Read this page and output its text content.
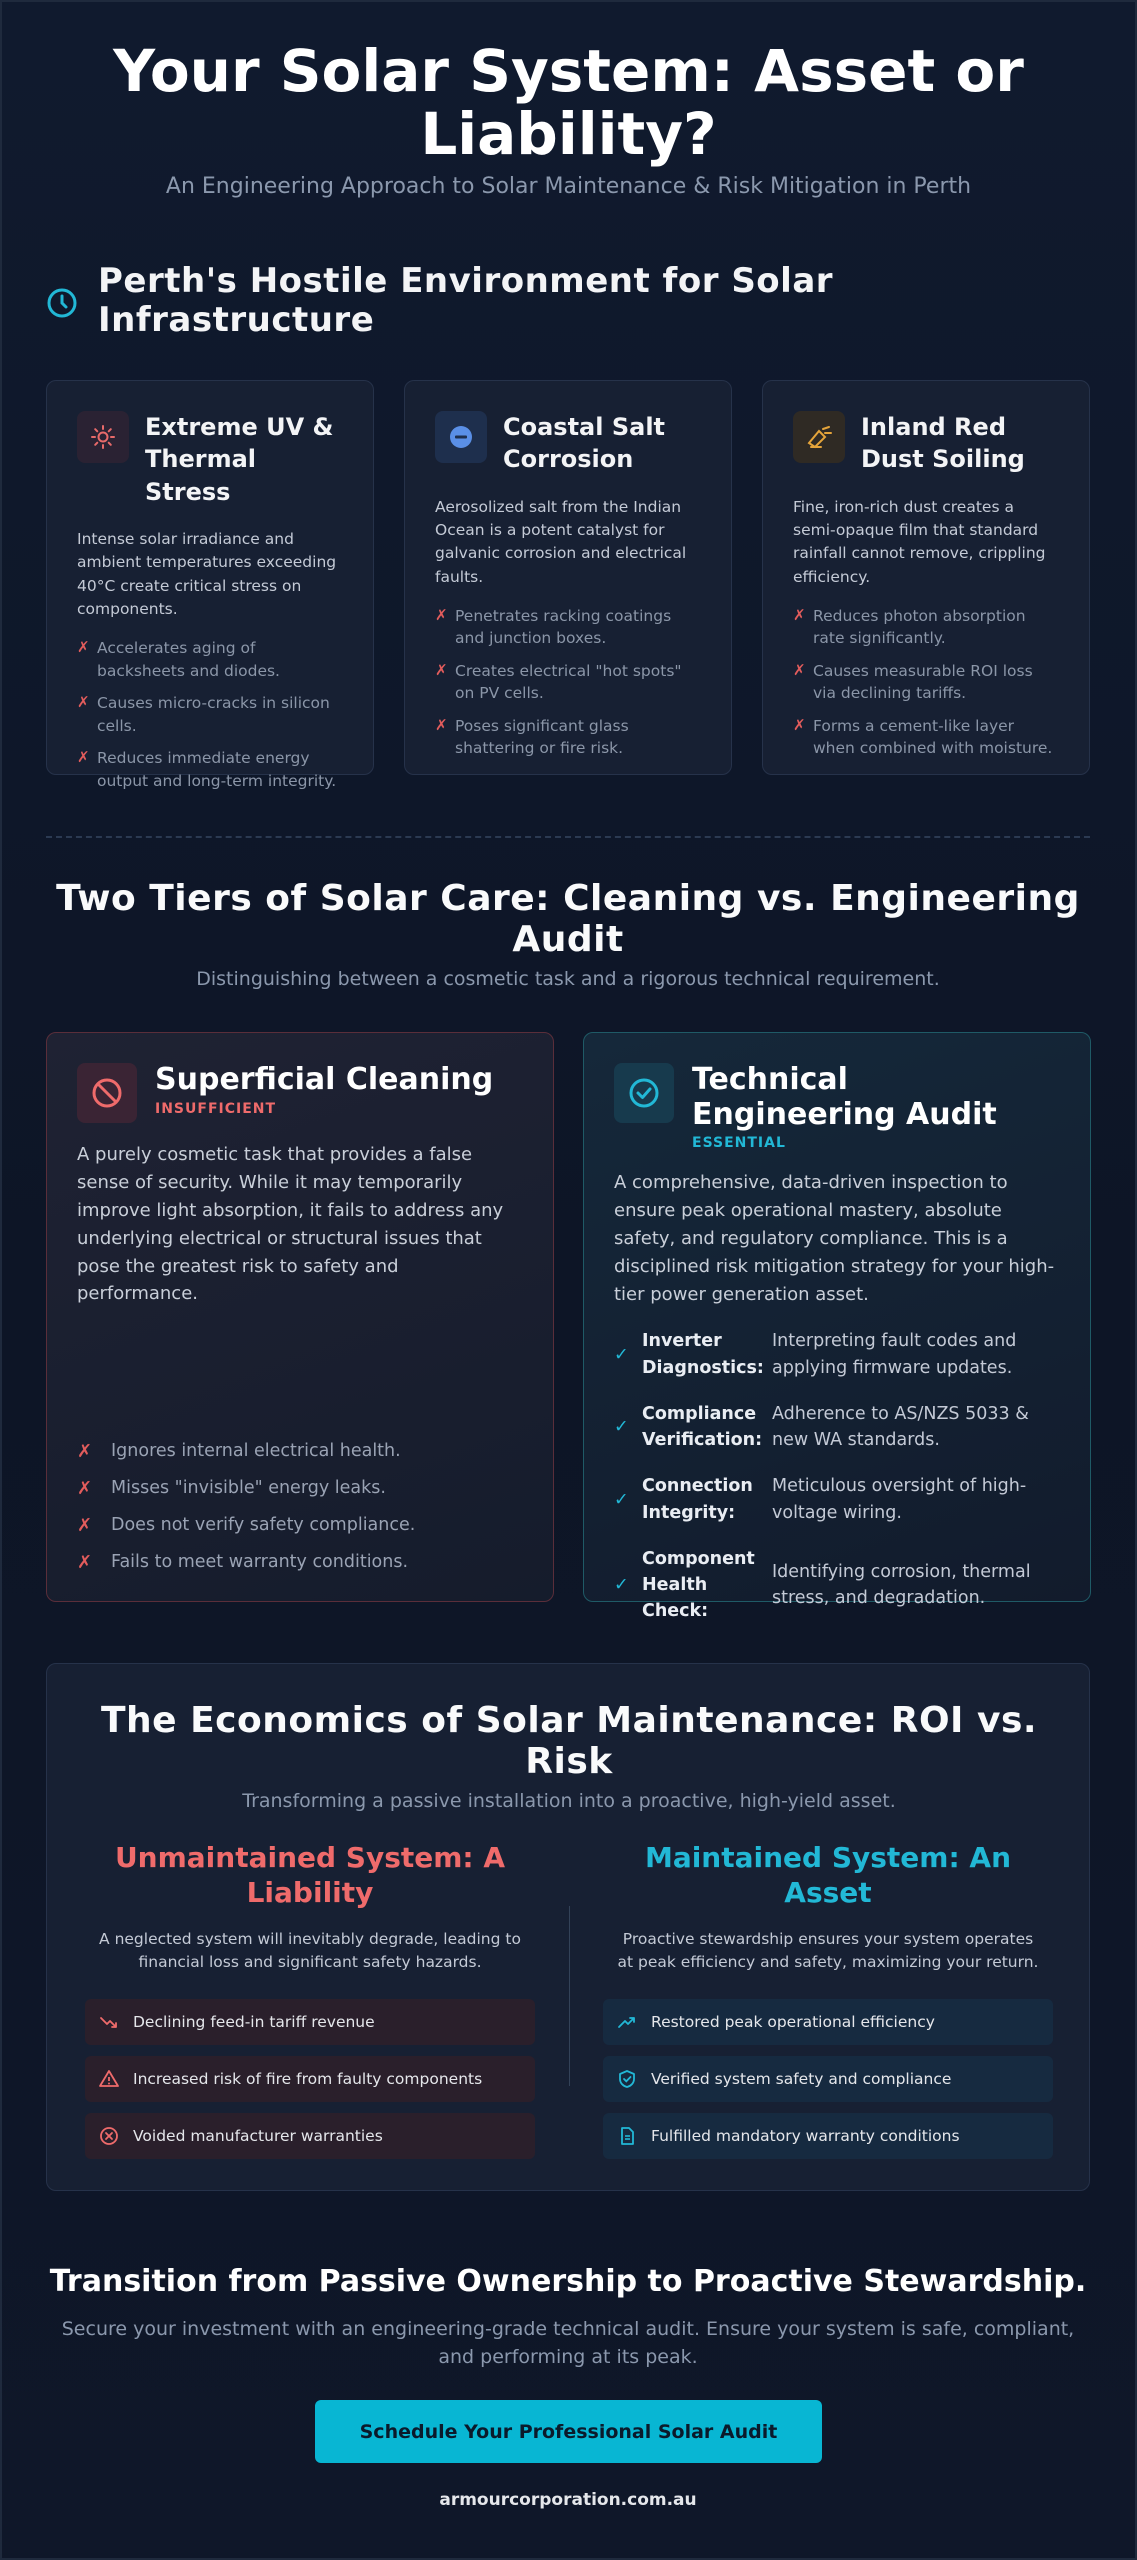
Your Solar System: Asset or Liability?

An Engineering Approach to Solar Maintenance & Risk Mitigation in Perth

Perth's Hostile Environment for Solar Infrastructure
Extreme UV & Thermal Stress

Intense solar irradiance and ambient temperatures exceeding 40°C create critical stress on components.

✗ Accelerates aging of backsheets and diodes.
✗ Causes micro-cracks in silicon cells.
✗ Reduces immediate energy output and long-term integrity.
Coastal Salt Corrosion

Aerosolized salt from the Indian Ocean is a potent catalyst for galvanic corrosion and electrical faults.

✗ Penetrates racking coatings and junction boxes.
✗ Creates electrical "hot spots" on PV cells.
✗ Poses significant glass shattering or fire risk.
Inland Red Dust Soiling

Fine, iron-rich dust creates a semi-opaque film that standard rainfall cannot remove, crippling efficiency.

✗ Reduces photon absorption rate significantly.
✗ Causes measurable ROI loss via declining tariffs.
✗ Forms a cement-like layer when combined with moisture.
Two Tiers of Solar Care: Cleaning vs. Engineering Audit

Distinguishing between a cosmetic task and a rigorous technical requirement.

Superficial Cleaning
INSUFFICIENT

A purely cosmetic task that provides a false sense of security. While it may temporarily improve light absorption, it fails to address any underlying electrical or structural issues that pose the greatest risk to safety and performance.

✗	Ignores internal electrical health.
✗	Misses "invisible" energy leaks.
✗	Does not verify safety compliance.
✗	Fails to meet warranty conditions.
Technical Engineering Audit
ESSENTIAL

A comprehensive, data-driven inspection to ensure peak operational mastery, absolute safety, and regulatory compliance. This is a disciplined risk mitigation strategy for your high-tier power generation asset.

✓
Inverter Diagnostics:
Interpreting fault codes and applying firmware updates.
✓
Compliance Verification:
Adherence to AS/NZS 5033 & new WA standards.
✓
Connection Integrity:
Meticulous oversight of high-voltage wiring.
✓
Component Health Check:
Identifying corrosion, thermal stress, and degradation.
The Economics of Solar Maintenance: ROI vs. Risk

Transforming a passive installation into a proactive, high-yield asset.

Unmaintained System: A Liability

A neglected system will inevitably degrade, leading to financial loss and significant safety hazards.

Declining feed-in tariff revenue
Increased risk of fire from faulty components
Voided manufacturer warranties
Maintained System: An Asset

Proactive stewardship ensures your system operates at peak efficiency and safety, maximizing your return.

Restored peak operational efficiency
Verified system safety and compliance
Fulfilled mandatory warranty conditions
Transition from Passive Ownership to Proactive Stewardship.

Secure your investment with an engineering-grade technical audit. Ensure your system is safe, compliant, and performing at its peak.

Schedule Your Professional Solar Audit
armourcorporation.com.au
